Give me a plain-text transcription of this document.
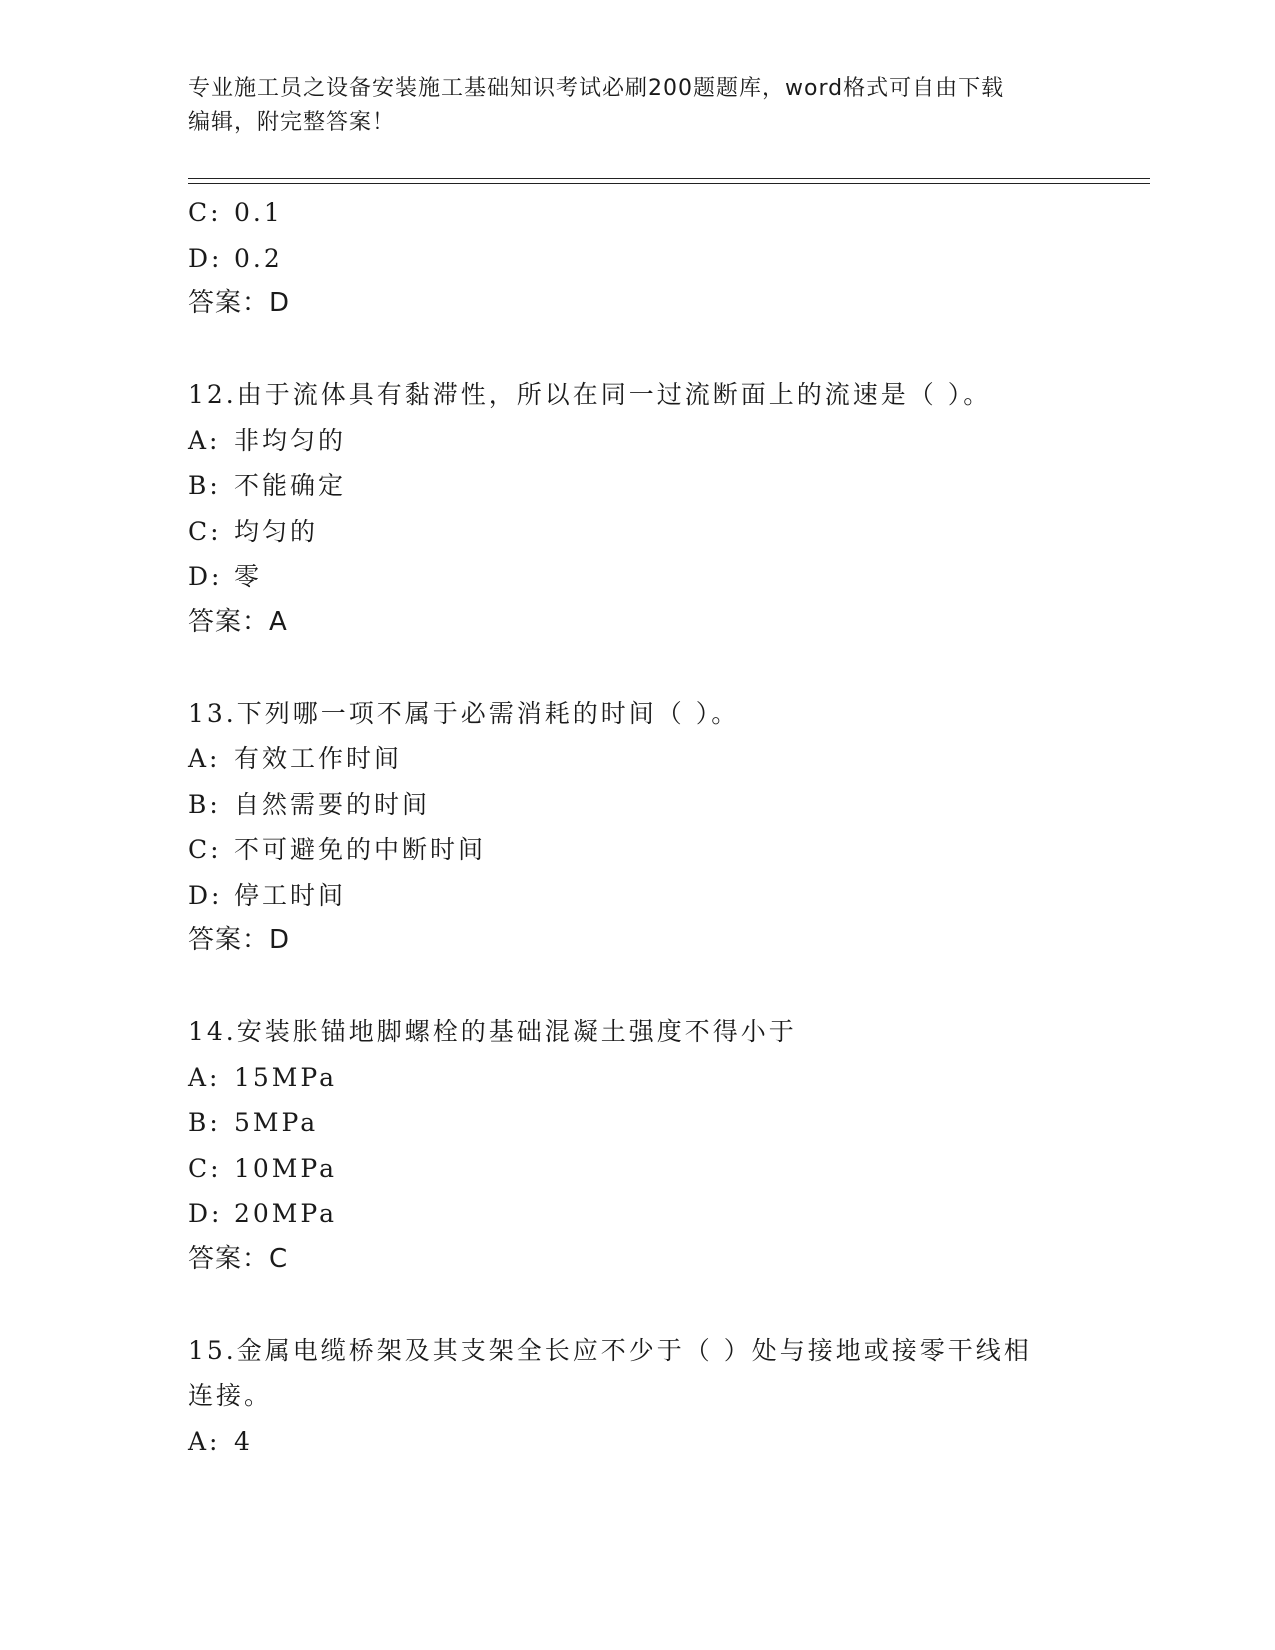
专业施工员之设备安装施工基础知识考试必刷200题题库，word格式可自由下载
编辑，附完整答案！
C: 0.1
D: 0.2
答案：D
12.由于流体具有黏滞性，所以在同一过流断面上的流速是（ ）。
A: 非均匀的
B: 不能确定
C: 均匀的
D: 零
答案：A
13.下列哪一项不属于必需消耗的时间（ ）。
A: 有效工作时间
B: 自然需要的时间
C: 不可避免的中断时间
D: 停工时间
答案：D
14.安装胀锚地脚螺栓的基础混凝土强度不得小于
A: 15MPa
B: 5MPa
C: 10MPa
D: 20MPa
答案：C
15.金属电缆桥架及其支架全长应不少于（ ）处与接地或接零干线相
连接。
A: 4
